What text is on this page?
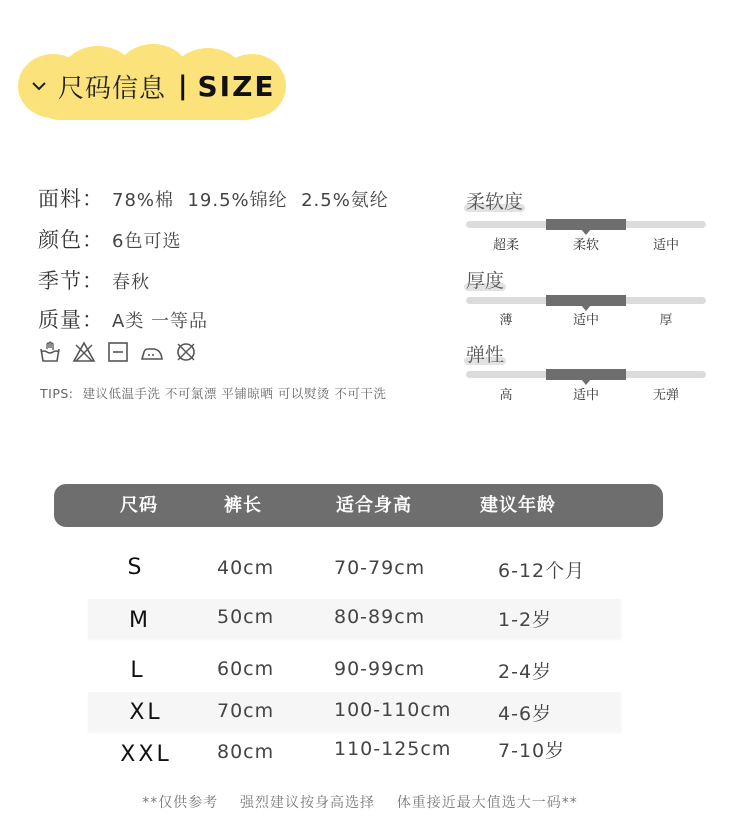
尺码信息 | SIZE
面料： 78%棉  19.5%锦纶  2.5%氨纶
颜色： 6色可选
季节： 春秋
质量： A类 一等品
TIPS:  建议低温手洗 不可氯漂 平铺晾晒 可以熨烫 不可干洗
柔软度
超柔	柔软	适中
厚度
薄	适中	厚
弹性
高	适中	无弹
尺码	裤长	适合身高	建议年龄
S	40cm	70-79cm	6-12个月
M	50cm	80-89cm	1-2岁
L	60cm	90-99cm	2-4岁
XL	70cm	100-110cm 4-6岁
XXL 80cm	110-125cm 7-10岁
**仅供参考    强烈建议按身高选择    体重接近最大值选大一码**
